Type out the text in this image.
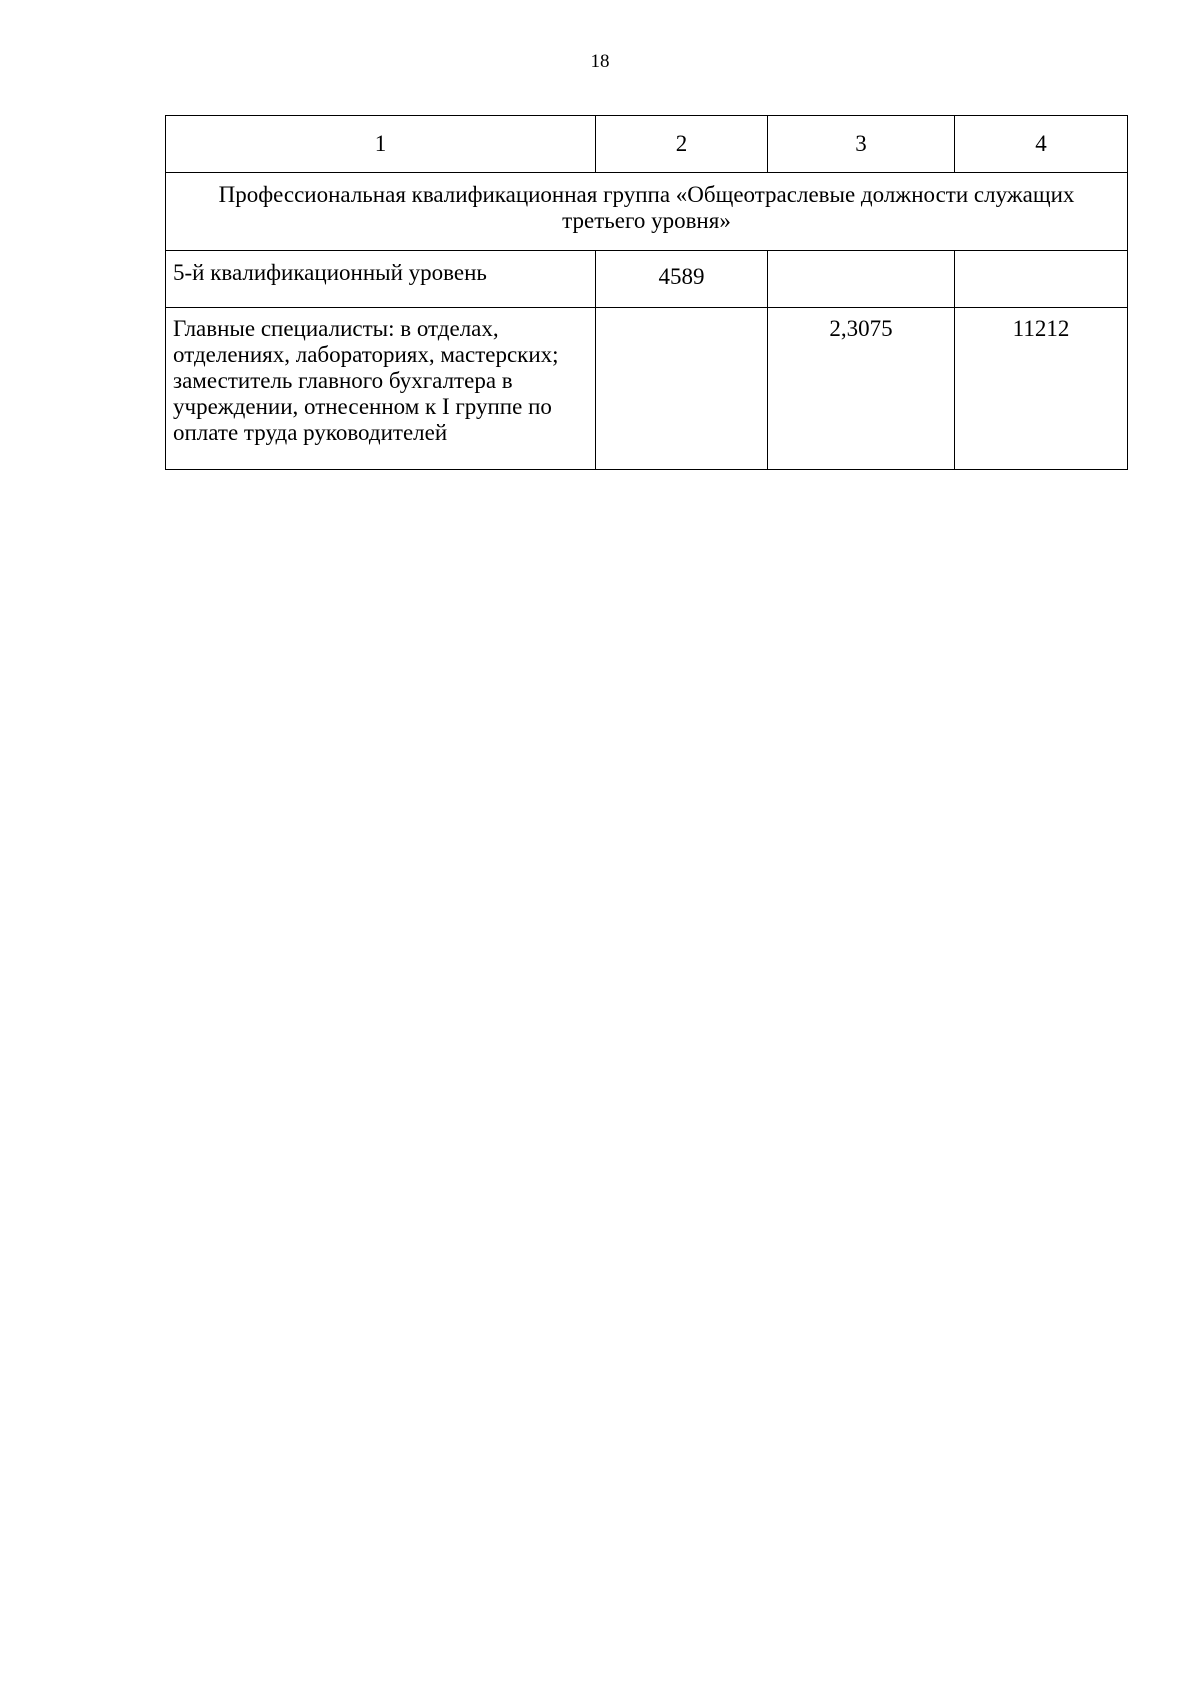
18
1	2	3	4
Профессиональная квалификационная группа «Общеотраслевые должности служащих третьего уровня»			
5-й квалификационный уровень	4589		

Главные специалисты: в отделах,
отделениях, лабораториях, мастерских;
заместитель главного бухгалтера в
учреждении, отнесенном к I группе по
оплате труда руководителей		2,3075	11212
